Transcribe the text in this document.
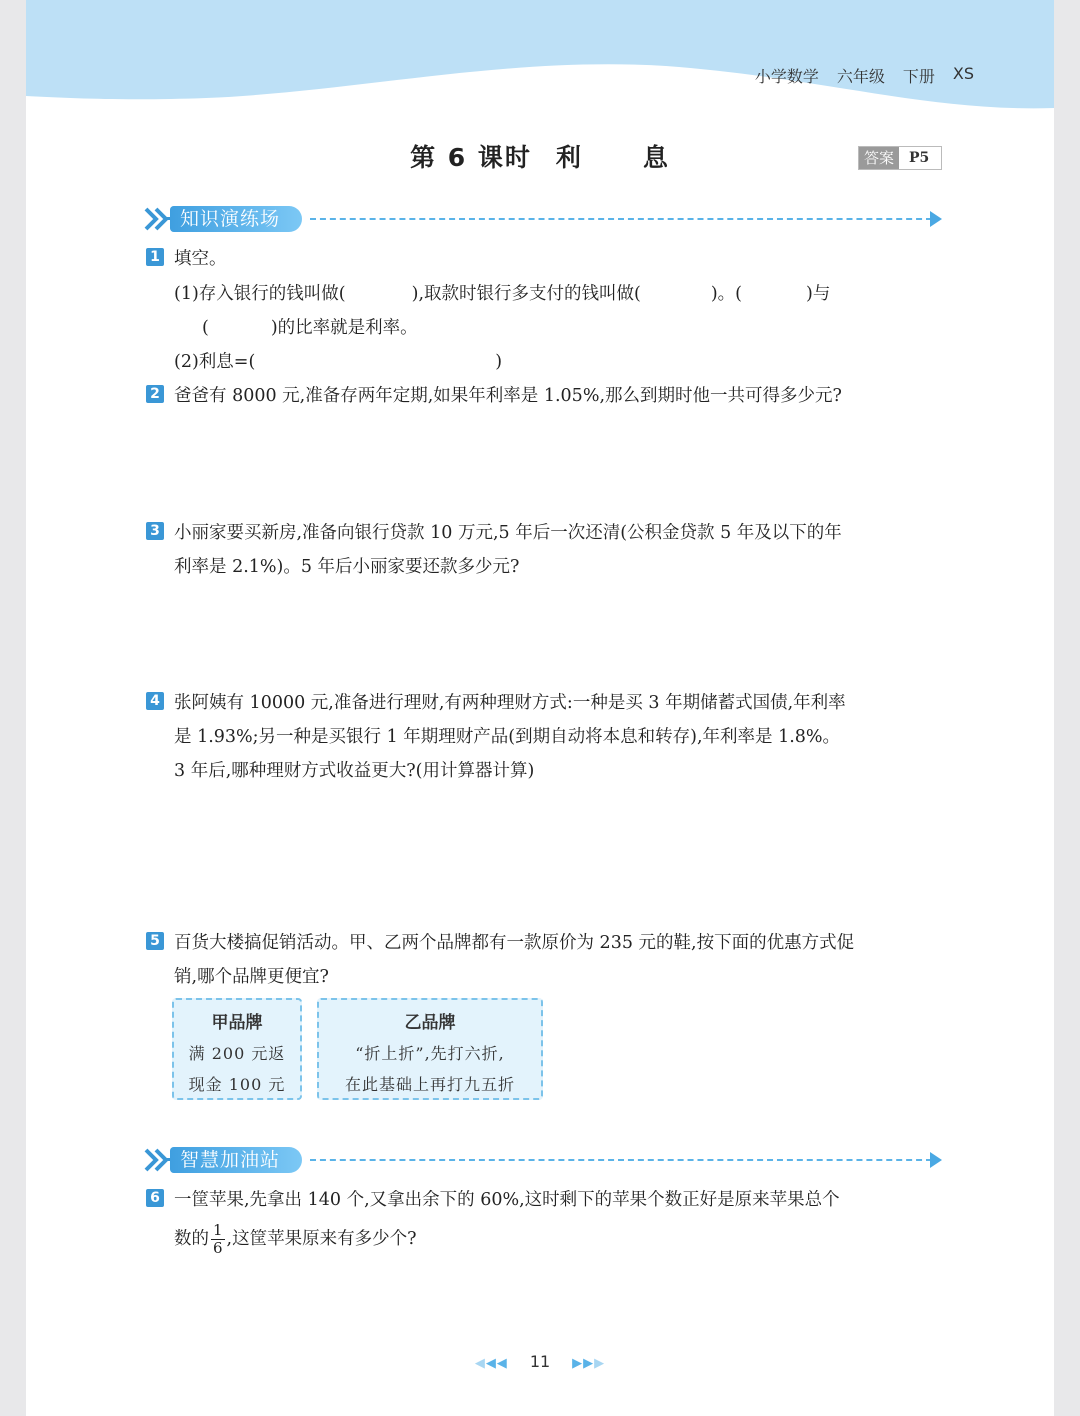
小学数学 六年级 下册 XS
第 6 课时 利 息	答案	P5
知识演练场
1 填空。
(1)存入银行的钱叫做(	),取款时银行多支付的钱叫做(	)。(	)与
(	)的比率就是利率。
(2)利息=(	)
2 爸爸有 8000 元,准备存两年定期,如果年利率是 1.05%,那么到期时他一共可得多少元?
3 小丽家要买新房,准备向银行贷款 10 万元,5 年后一次还清(公积金贷款 5 年及以下的年
利率是 2.1%)。5 年后小丽家要还款多少元?
4 张阿姨有 10000 元,准备进行理财,有两种理财方式:一种是买 3 年期储蓄式国债,年利率
是 1.93%;另一种是买银行 1 年期理财产品(到期自动将本息和转存),年利率是 1.8%。
3 年后,哪种理财方式收益更大?(用计算器计算)
5 百货大楼搞促销活动。甲、乙两个品牌都有一款原价为 235 元的鞋,按下面的优惠方式促
销,哪个品牌更便宜?
甲品牌
满 200 元返
现金 100 元
乙品牌
“折上折”,先打六折,
在此基础上再打九五折
智慧加油站
6 一筐苹果,先拿出 140 个,又拿出余下的 60%,这时剩下的苹果个数正好是原来苹果总个
数的 $\frac{1}{6}$ ,这筐苹果原来有多少个?
◀◀◀ 11 ▶▶▶
